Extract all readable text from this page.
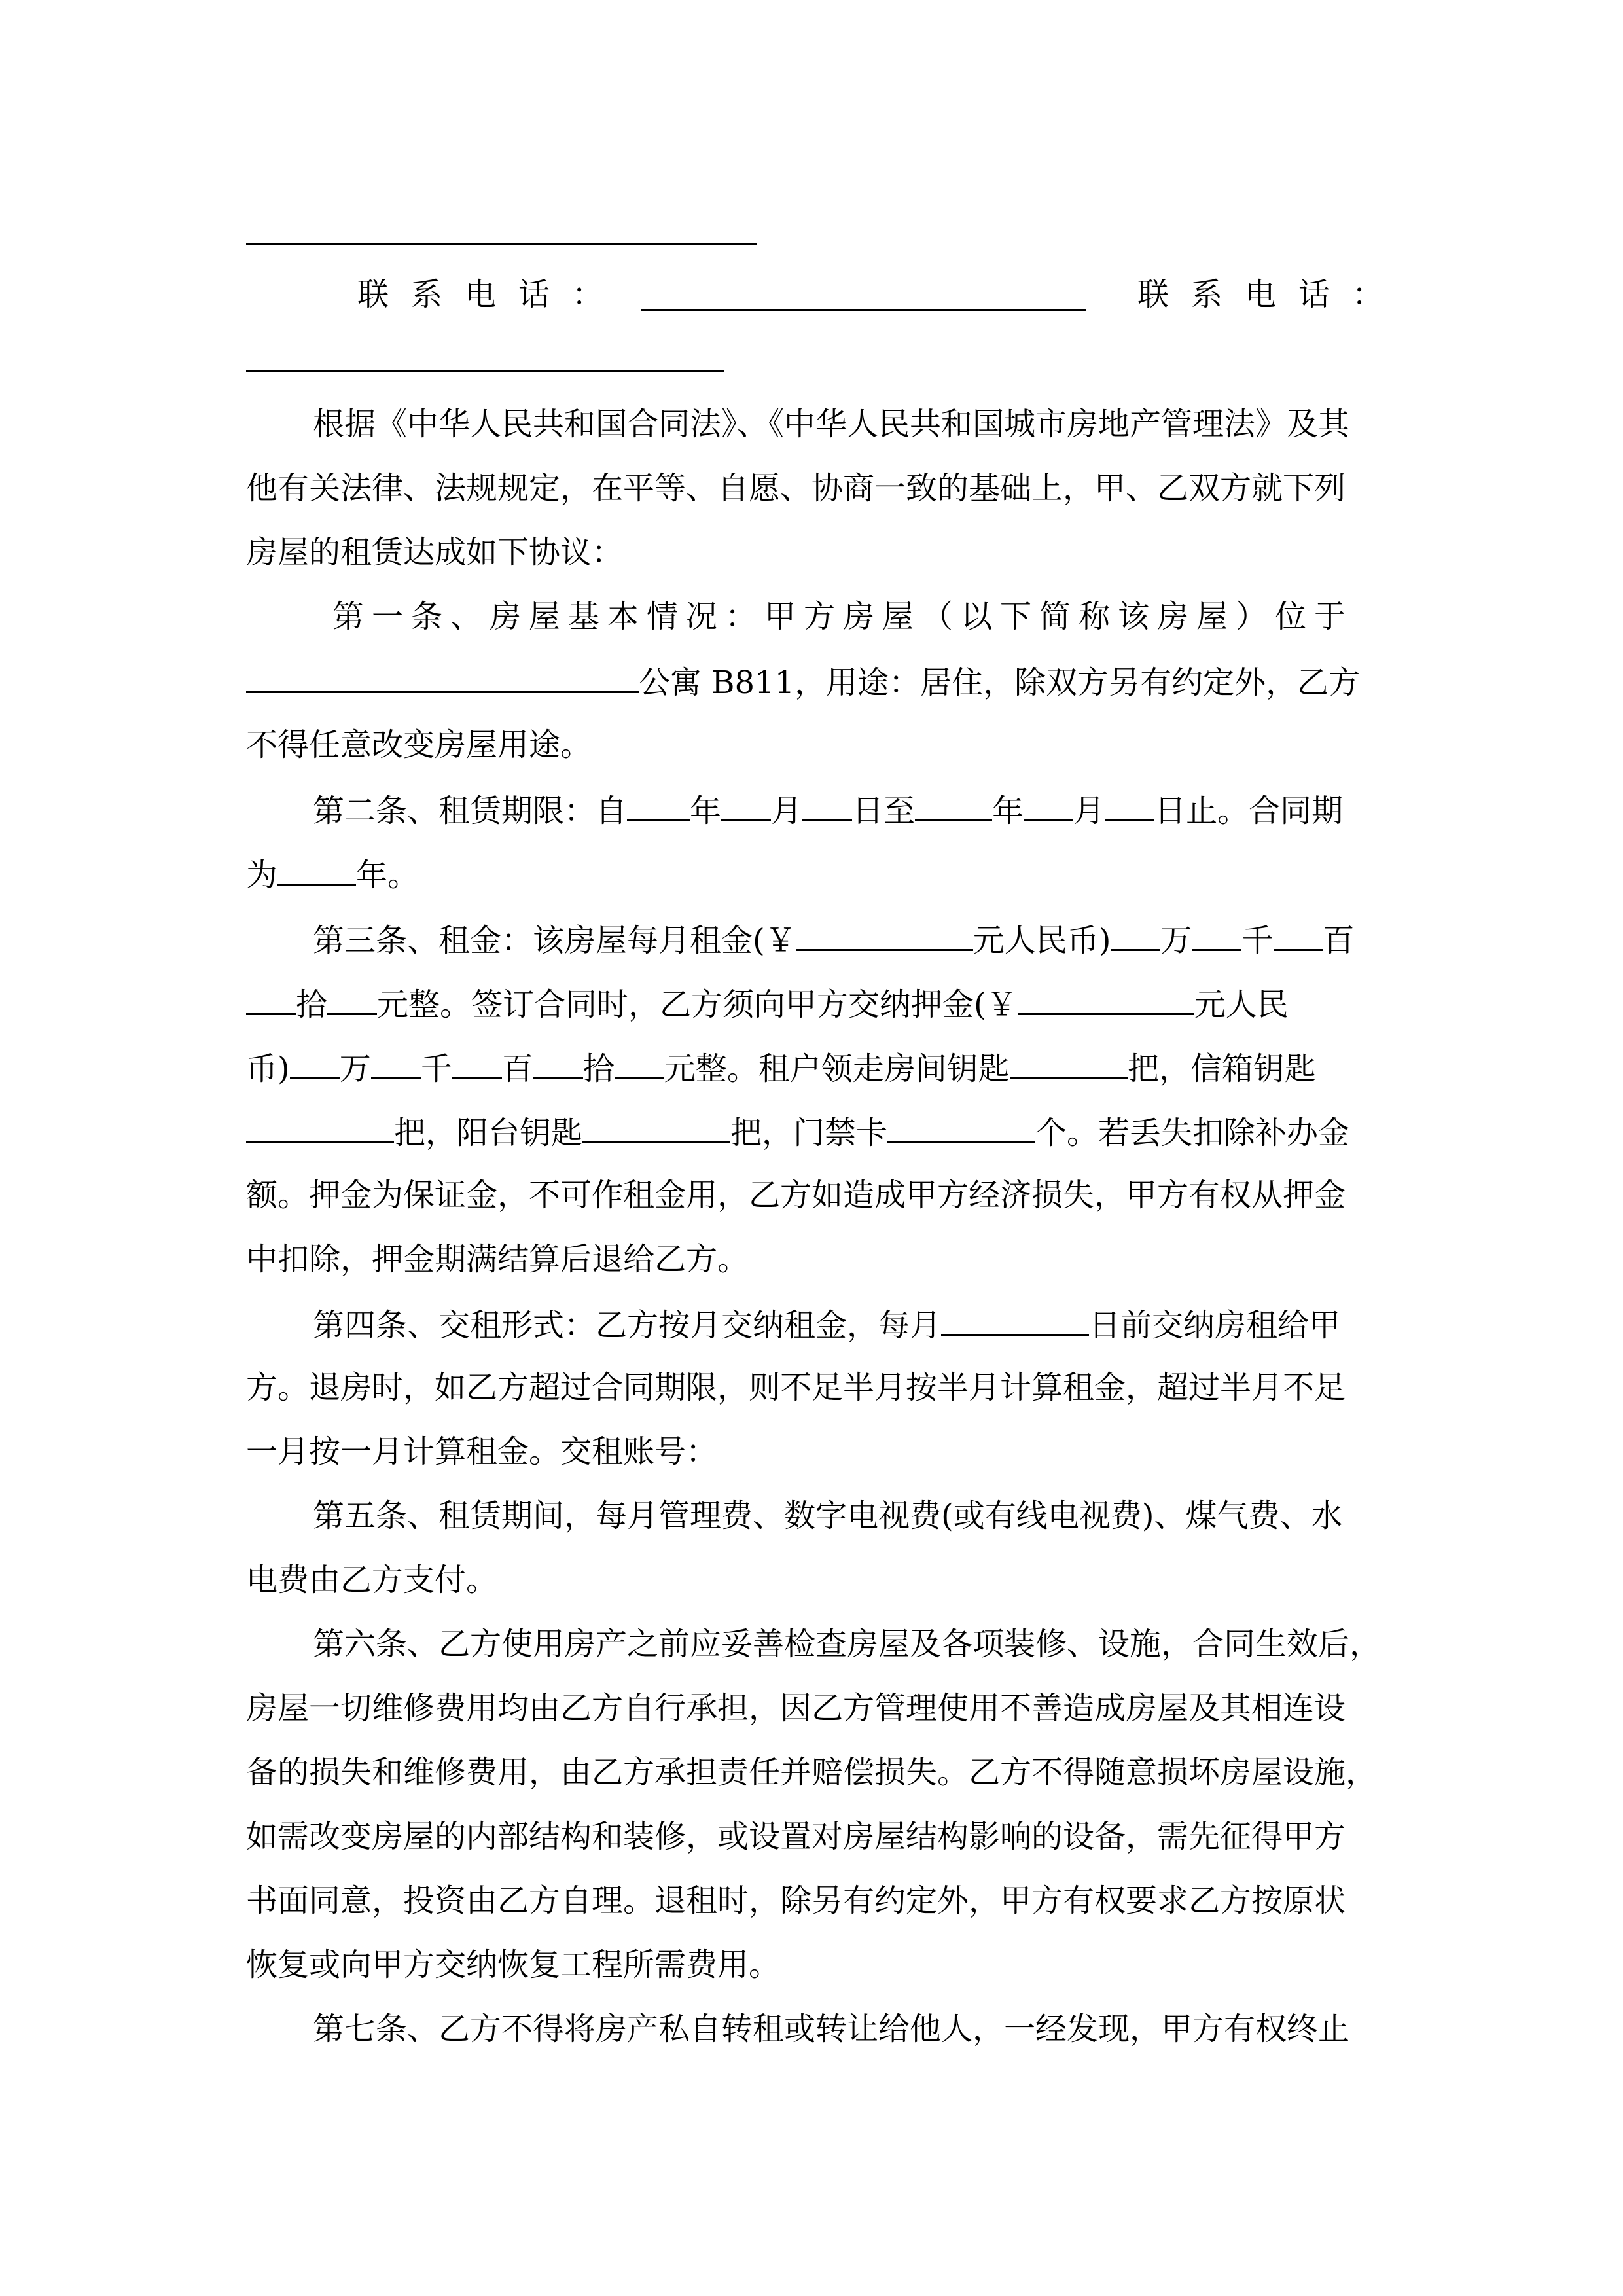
联系电话：	联系电话：
根据《中华人民共和国合同法》、《中华人民共和国城市房地产管理法》及其
他有关法律、法规规定，在平等、自愿、协商一致的基础上，甲、乙双方就下列
房屋的租赁达成如下协议：
第一条、房屋基本情况：甲方房屋（以下简称该房屋）位于
公寓 B811，用途：居住，除双方另有约定外，乙方
不得任意改变房屋用途。
第二条、租赁期限：自 年 月 日至 年 月 日止。合同期
为	年。
第三条、租金：该房屋每月租金(￥	元人民币) 万 千 百
拾 元整。签订合同时，乙方须向甲方交纳押金(￥	元人民
币) 万 千 百 拾 元整。租户领走房间钥匙	把，信箱钥匙
把，阳台钥匙	把，门禁卡	个。若丢失扣除补办金
额。押金为保证金，不可作租金用，乙方如造成甲方经济损失，甲方有权从押金
中扣除，押金期满结算后退给乙方。
第四条、交租形式：乙方按月交纳租金，每月	日前交纳房租给甲
方。退房时，如乙方超过合同期限，则不足半月按半月计算租金，超过半月不足
一月按一月计算租金。交租账号：
第五条、租赁期间，每月管理费、数字电视费(或有线电视费)、煤气费、水
电费由乙方支付。
第六条、乙方使用房产之前应妥善检查房屋及各项装修、设施，合同生效后，
房屋一切维修费用均由乙方自行承担，因乙方管理使用不善造成房屋及其相连设
备的损失和维修费用，由乙方承担责任并赔偿损失。乙方不得随意损坏房屋设施，
如需改变房屋的内部结构和装修，或设置对房屋结构影响的设备，需先征得甲方
书面同意，投资由乙方自理。退租时，除另有约定外，甲方有权要求乙方按原状
恢复或向甲方交纳恢复工程所需费用。
第七条、乙方不得将房产私自转租或转让给他人，一经发现，甲方有权终止
